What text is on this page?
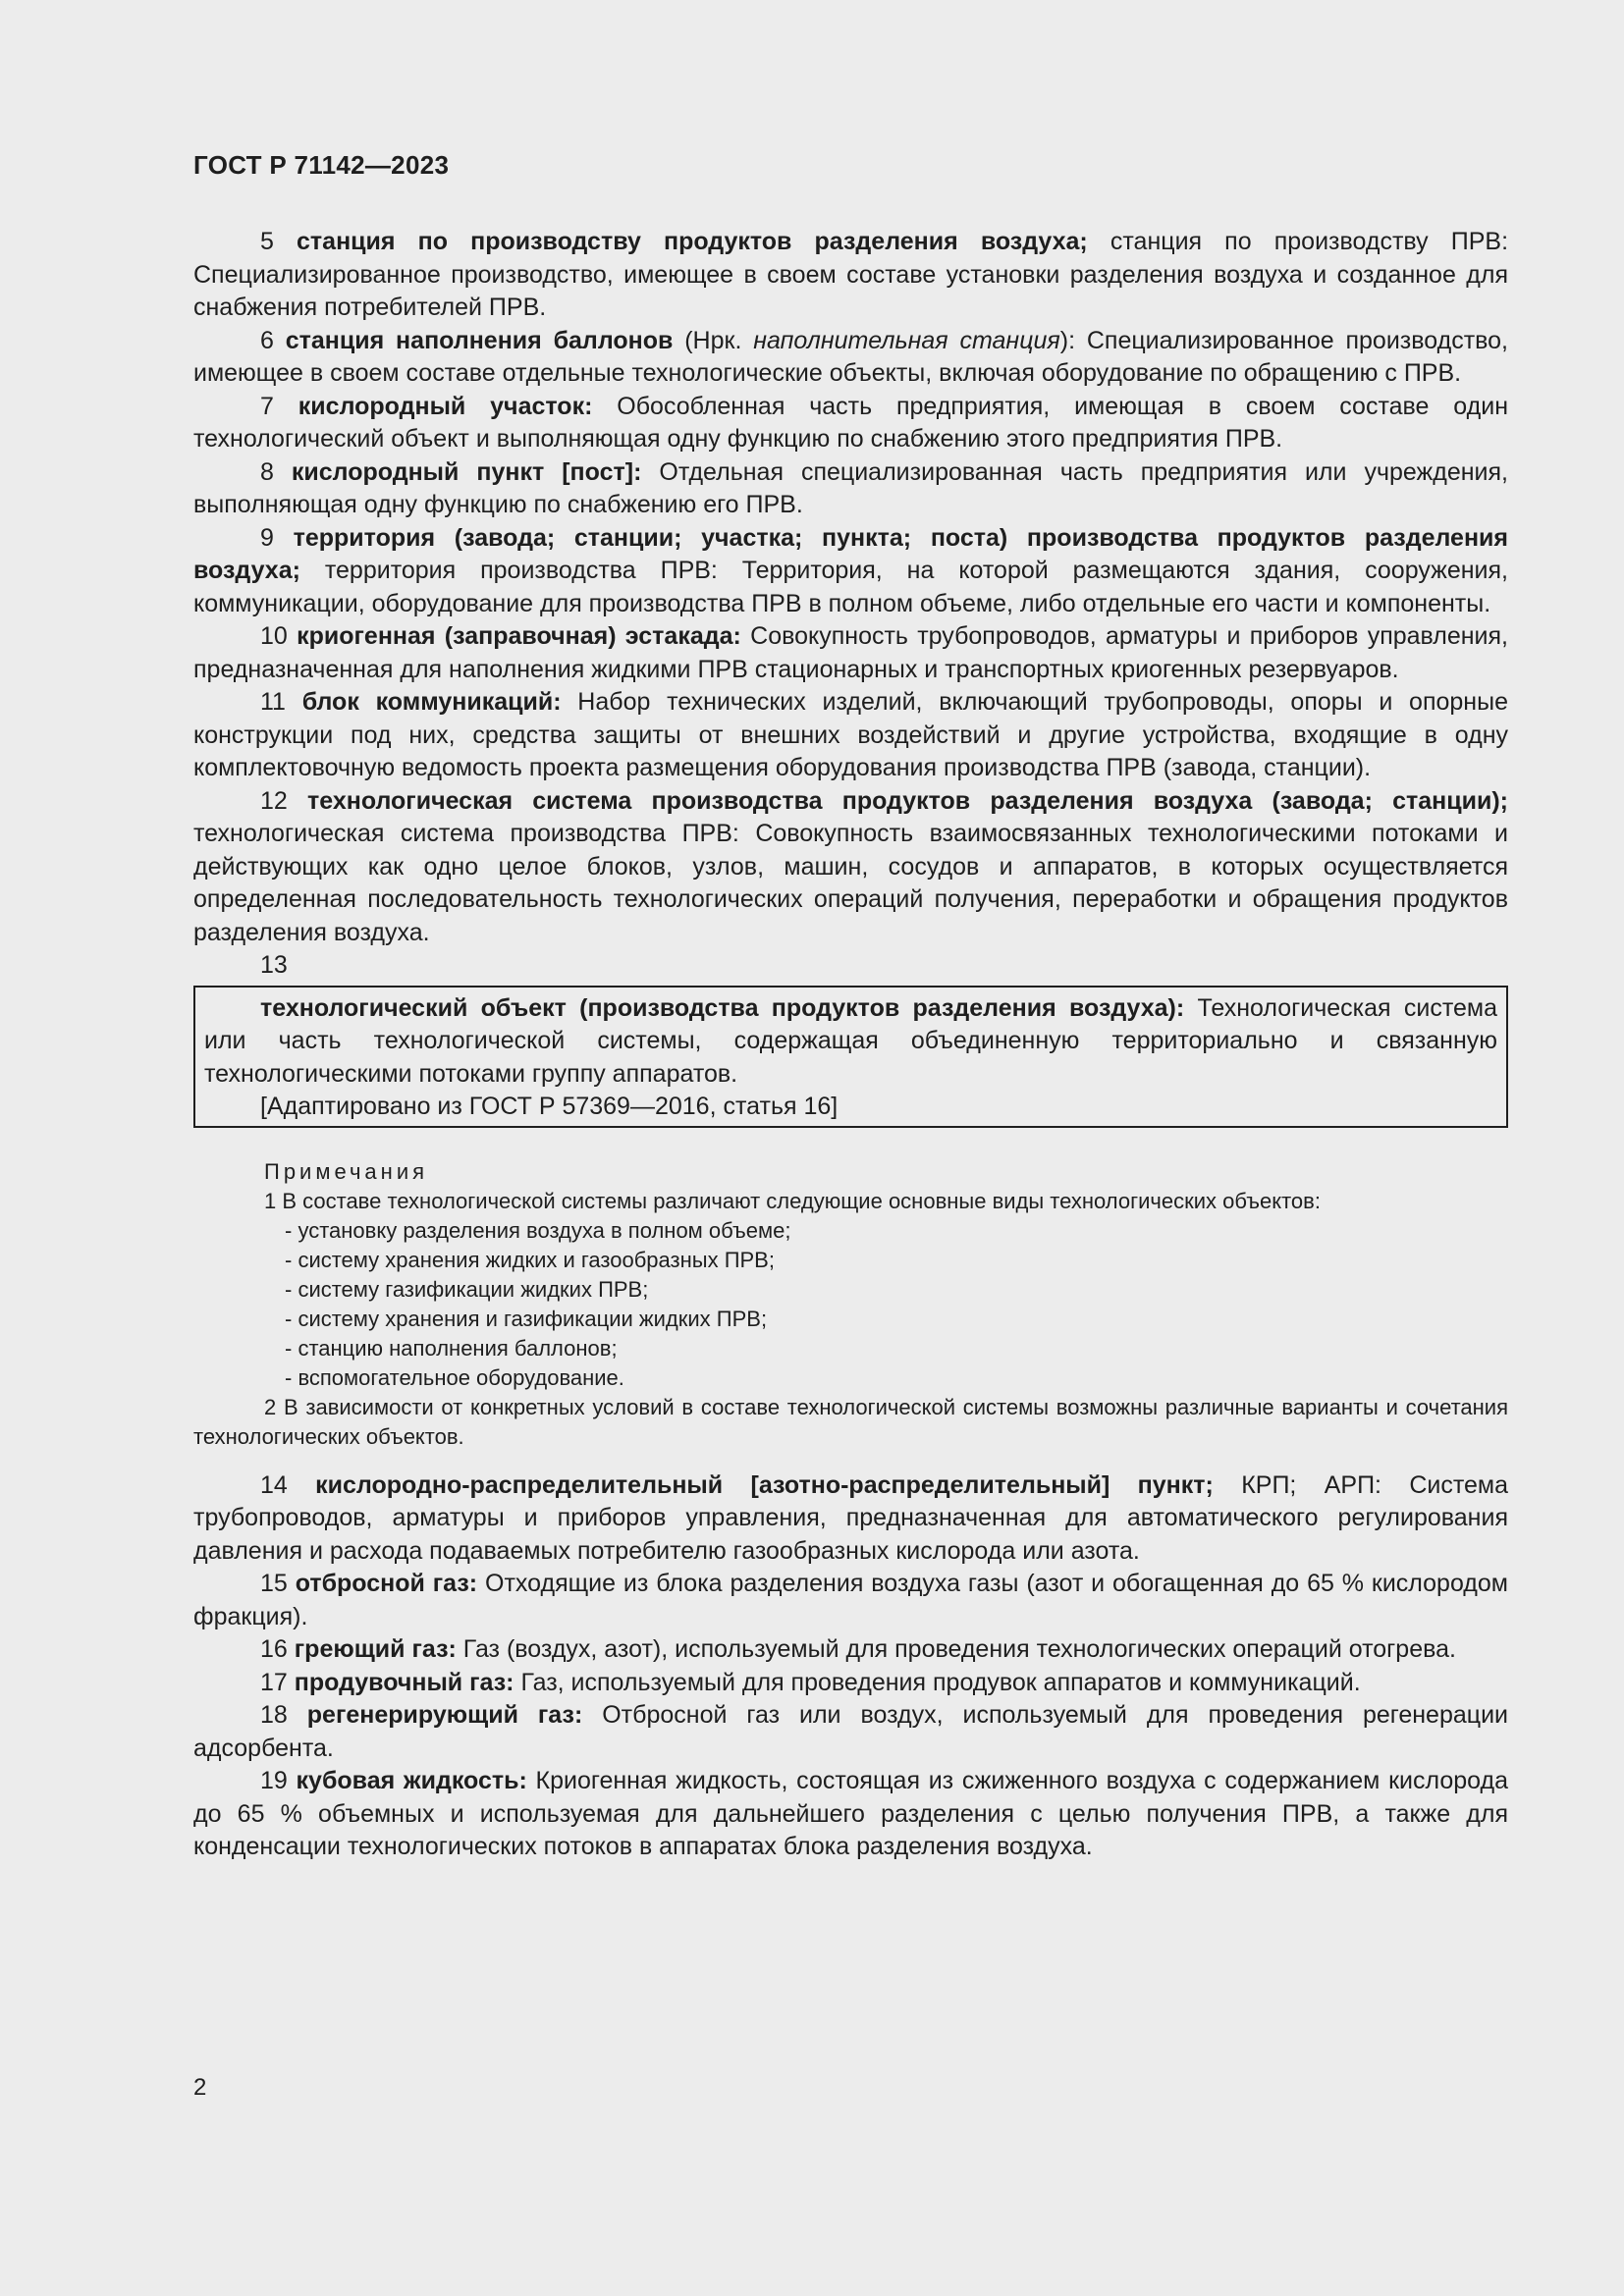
ГОСТ Р 71142—2023

5 станция по производству продуктов разделения воздуха; станция по производству ПРВ: Специализированное производство, имеющее в своем составе установки разделения воздуха и созданное для снабжения потребителей ПРВ.

6 станция наполнения баллонов (Нрк. наполнительная станция): Специализированное производство, имеющее в своем составе отдельные технологические объекты, включая оборудование по обращению с ПРВ.

7 кислородный участок: Обособленная часть предприятия, имеющая в своем составе один технологический объект и выполняющая одну функцию по снабжению этого предприятия ПРВ.

8 кислородный пункт [пост]: Отдельная специализированная часть предприятия или учреждения, выполняющая одну функцию по снабжению его ПРВ.

9 территория (завода; станции; участка; пункта; поста) производства продуктов разделения воздуха; территория производства ПРВ: Территория, на которой размещаются здания, сооружения, коммуникации, оборудование для производства ПРВ в полном объеме, либо отдельные его части и компоненты.

10 криогенная (заправочная) эстакада: Совокупность трубопроводов, арматуры и приборов управления, предназначенная для наполнения жидкими ПРВ стационарных и транспортных криогенных резервуаров.

11 блок коммуникаций: Набор технических изделий, включающий трубопроводы, опоры и опорные конструкции под них, средства защиты от внешних воздействий и другие устройства, входящие в одну комплектовочную ведомость проекта размещения оборудования производства ПРВ (завода, станции).

12 технологическая система производства продуктов разделения воздуха (завода; станции); технологическая система производства ПРВ: Совокупность взаимосвязанных технологическими потоками и действующих как одно целое блоков, узлов, машин, сосудов и аппаратов, в которых осуществляется определенная последовательность технологических операций получения, переработки и обращения продуктов разделения воздуха.

13

технологический объект (производства продуктов разделения воздуха): Технологическая система или часть технологической системы, содержащая объединенную территориально и связанную технологическими потоками группу аппаратов.

[Адаптировано из ГОСТ Р 57369—2016, статья 16]

Примечания

1 В составе технологической системы различают следующие основные виды технологических объектов:

- установку разделения воздуха в полном объеме;
- систему хранения жидких и газообразных ПРВ;
- систему газификации жидких ПРВ;
- систему хранения и газификации жидких ПРВ;
- станцию наполнения баллонов;
- вспомогательное оборудование.

2 В зависимости от конкретных условий в составе технологической системы возможны различные варианты и сочетания технологических объектов.

14 кислородно-распределительный [азотно-распределительный] пункт; КРП; АРП: Система трубопроводов, арматуры и приборов управления, предназначенная для автоматического регулирования давления и расхода подаваемых потребителю газообразных кислорода или азота.

15 отбросной газ: Отходящие из блока разделения воздуха газы (азот и обогащенная до 65 % кислородом фракция).

16 греющий газ: Газ (воздух, азот), используемый для проведения технологических операций отогрева.

17 продувочный газ: Газ, используемый для проведения продувок аппаратов и коммуникаций.

18 регенерирующий газ: Отбросной газ или воздух, используемый для проведения регенерации адсорбента.

19 кубовая жидкость: Криогенная жидкость, состоящая из сжиженного воздуха с содержанием кислорода до 65 % объемных и используемая для дальнейшего разделения с целью получения ПРВ, а также для конденсации технологических потоков в аппаратах блока разделения воздуха.

2
